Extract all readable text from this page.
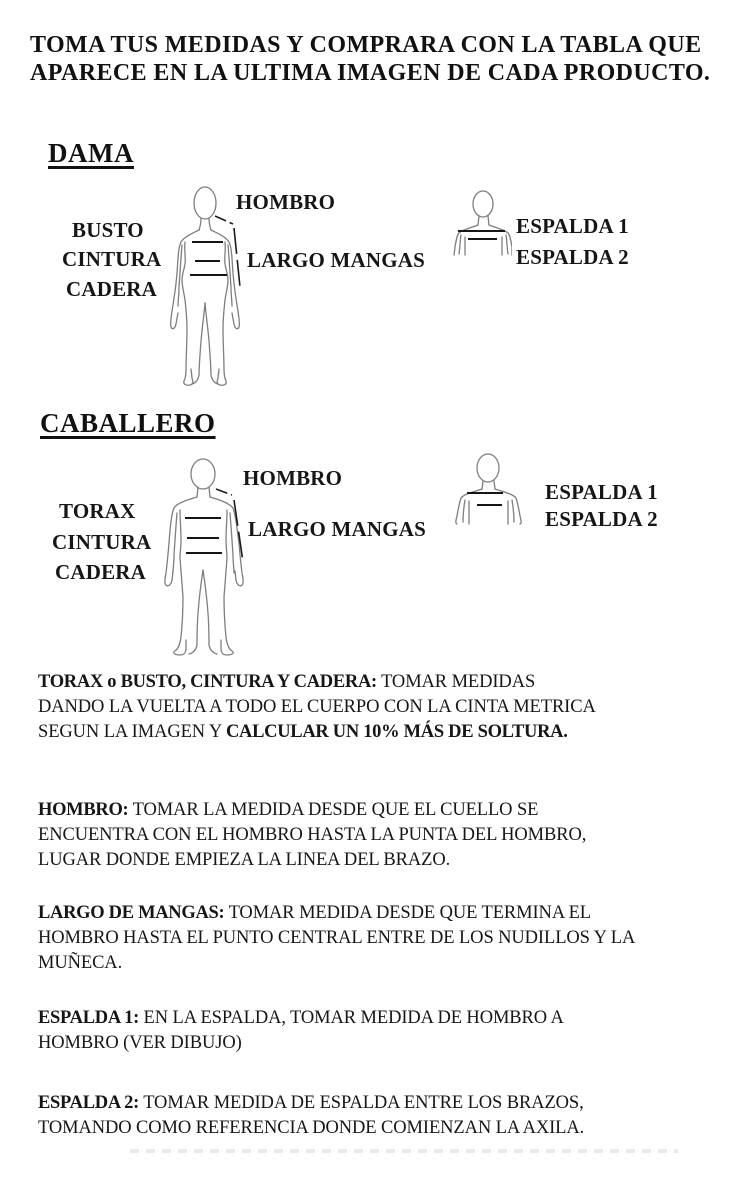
TOMA TUS MEDIDAS Y COMPRARA CON LA TABLA QUE
APARECE EN LA ULTIMA IMAGEN DE CADA PRODUCTO.
DAMA
HOMBRO
BUSTO
CINTURA
CADERA
LARGO MANGAS
ESPALDA 1
ESPALDA 2
CABALLERO
HOMBRO
TORAX
CINTURA
CADERA
LARGO MANGAS
ESPALDA 1
ESPALDA 2
TORAX o BUSTO, CINTURA Y CADERA: TOMAR MEDIDAS
DANDO LA VUELTA A TODO EL CUERPO CON LA CINTA METRICA
SEGUN LA IMAGEN Y CALCULAR UN 10% MÁS DE SOLTURA.
HOMBRO: TOMAR LA MEDIDA DESDE QUE EL CUELLO SE
ENCUENTRA CON EL HOMBRO HASTA LA PUNTA DEL HOMBRO,
LUGAR DONDE EMPIEZA LA LINEA DEL BRAZO.
LARGO DE MANGAS: TOMAR MEDIDA DESDE QUE TERMINA EL
HOMBRO HASTA EL PUNTO CENTRAL ENTRE DE LOS NUDILLOS Y LA
MUÑECA.
ESPALDA 1: EN LA ESPALDA, TOMAR MEDIDA DE HOMBRO A
HOMBRO (VER DIBUJO)
ESPALDA 2: TOMAR MEDIDA DE ESPALDA ENTRE LOS BRAZOS,
TOMANDO COMO REFERENCIA DONDE COMIENZAN LA AXILA.
